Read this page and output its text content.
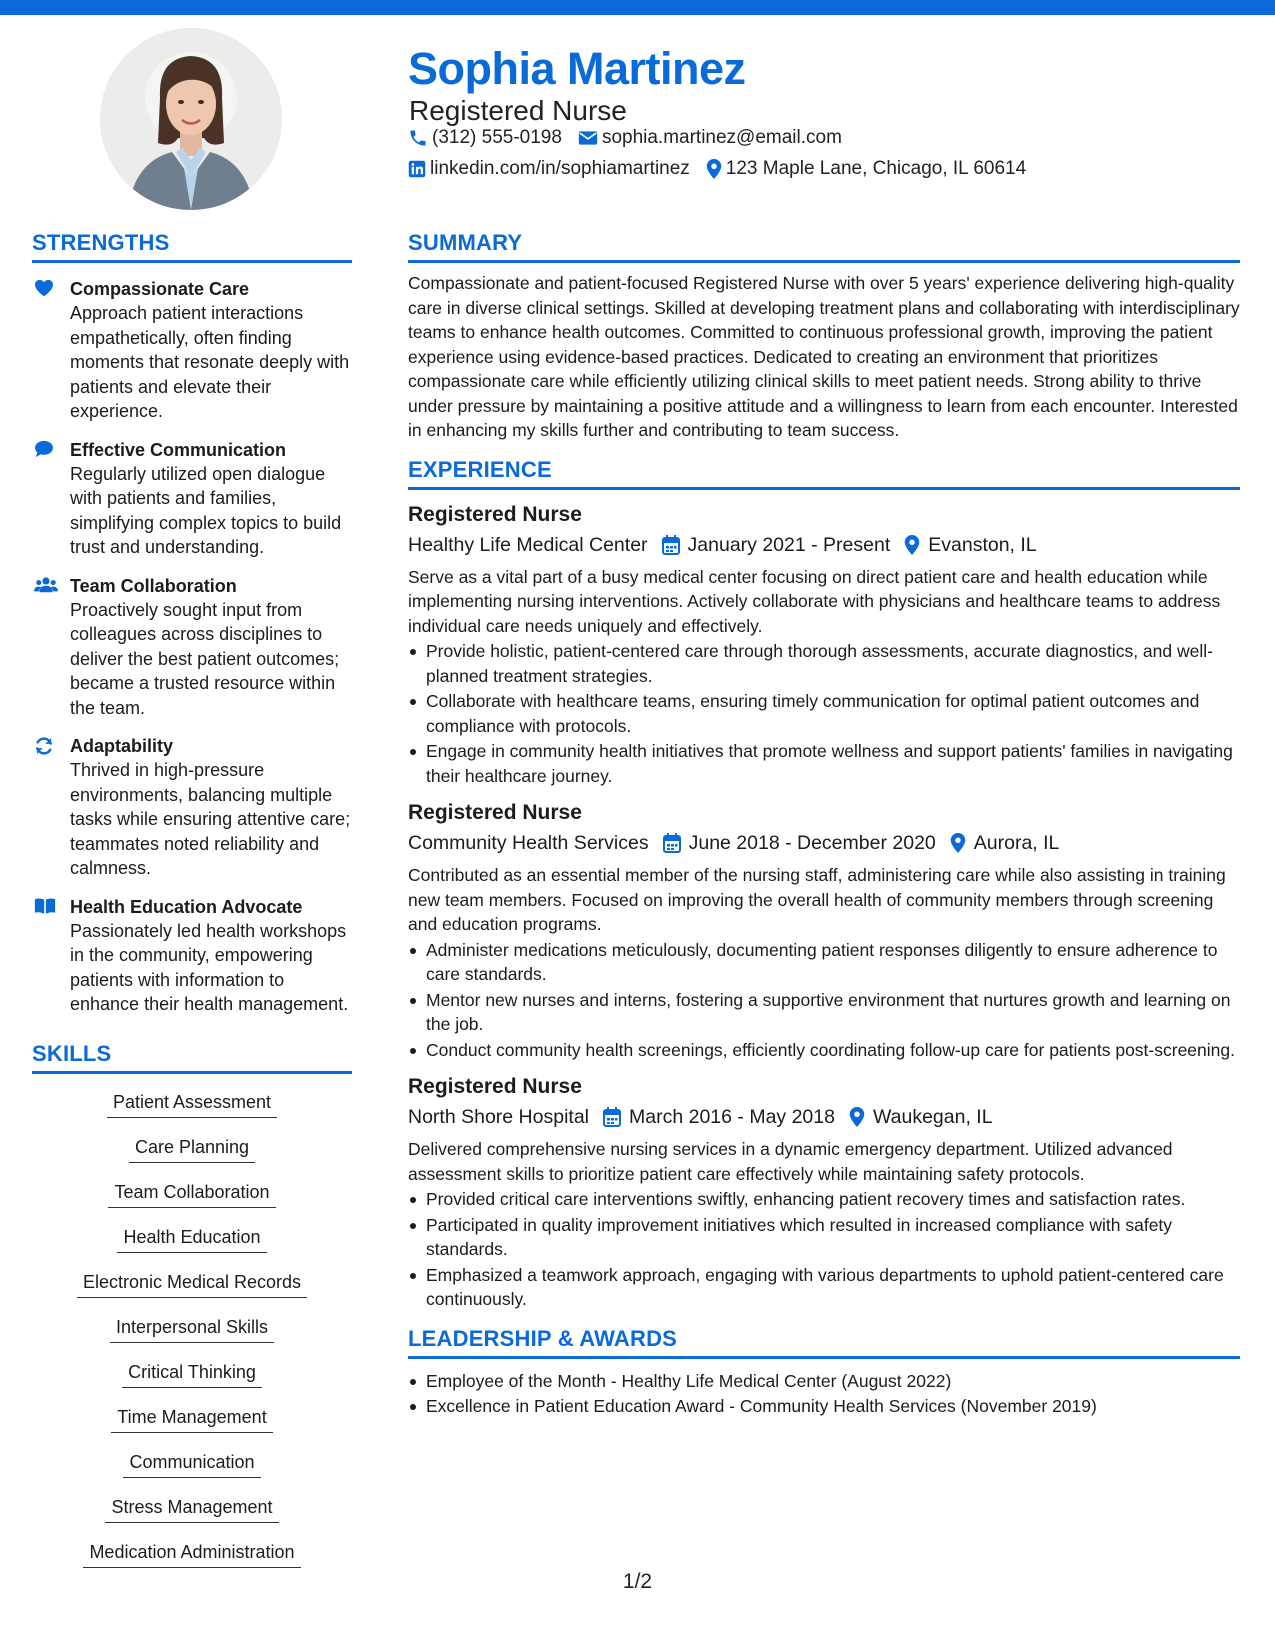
Sophia Martinez
Registered Nurse
(312) 555-0198 sophia.martinez@email.com
linkedin.com/in/sophiamartinez 123 Maple Lane, Chicago, IL 60614
STRENGTHS
Compassionate Care
Approach patient interactions empathetically, often finding moments that resonate deeply with patients and elevate their experience.
Effective Communication
Regularly utilized open dialogue with patients and families, simplifying complex topics to build trust and understanding.
Team Collaboration
Proactively sought input from colleagues across disciplines to deliver the best patient outcomes; became a trusted resource within the team.
Adaptability
Thrived in high-pressure environments, balancing multiple tasks while ensuring attentive care; teammates noted reliability and calmness.
Health Education Advocate
Passionately led health workshops in the community, empowering patients with information to enhance their health management.
SKILLS
Patient AssessmentCare Planning
Team Collaboration
Health Education
Electronic Medical Records
Interpersonal Skills
Critical Thinking
Time Management
Communication
Stress Management
Medication Administration
SUMMARY
Compassionate and patient-focused Registered Nurse with over 5 years' experience delivering high-quality care in diverse clinical settings. Skilled at developing treatment plans and collaborating with interdisciplinary teams to enhance health outcomes. Committed to continuous professional growth, improving the patient experience using evidence-based practices. Dedicated to creating an environment that prioritizes compassionate care while efficiently utilizing clinical skills to meet patient needs. Strong ability to thrive under pressure by maintaining a positive attitude and a willingness to learn from each encounter. Interested in enhancing my skills further and contributing to team success.
EXPERIENCE
Registered Nurse
Healthy Life Medical Center January 2021 - Present Evanston, IL
Serve as a vital part of a busy medical center focusing on direct patient care and health education while implementing nursing interventions. Actively collaborate with physicians and healthcare teams to address individual care needs uniquely and effectively.
Provide holistic, patient-centered care through thorough assessments, accurate diagnostics, and well-planned treatment strategies.
Collaborate with healthcare teams, ensuring timely communication for optimal patient outcomes and compliance with protocols.
Engage in community health initiatives that promote wellness and support patients' families in navigating their healthcare journey.
Registered Nurse
Community Health Services June 2018 - December 2020 Aurora, IL
Contributed as an essential member of the nursing staff, administering care while also assisting in training new team members. Focused on improving the overall health of community members through screening and education programs.
Administer medications meticulously, documenting patient responses diligently to ensure adherence to care standards.
Mentor new nurses and interns, fostering a supportive environment that nurtures growth and learning on the job.
Conduct community health screenings, efficiently coordinating follow-up care for patients post-screening.
Registered Nurse
North Shore Hospital March 2016 - May 2018 Waukegan, IL
Delivered comprehensive nursing services in a dynamic emergency department. Utilized advanced assessment skills to prioritize patient care effectively while maintaining safety protocols.
Provided critical care interventions swiftly, enhancing patient recovery times and satisfaction rates.
Participated in quality improvement initiatives which resulted in increased compliance with safety standards.
Emphasized a teamwork approach, engaging with various departments to uphold patient-centered care continuously.
LEADERSHIP & AWARDS
Employee of the Month - Healthy Life Medical Center (August 2022)
Excellence in Patient Education Award - Community Health Services (November 2019)
1/2
